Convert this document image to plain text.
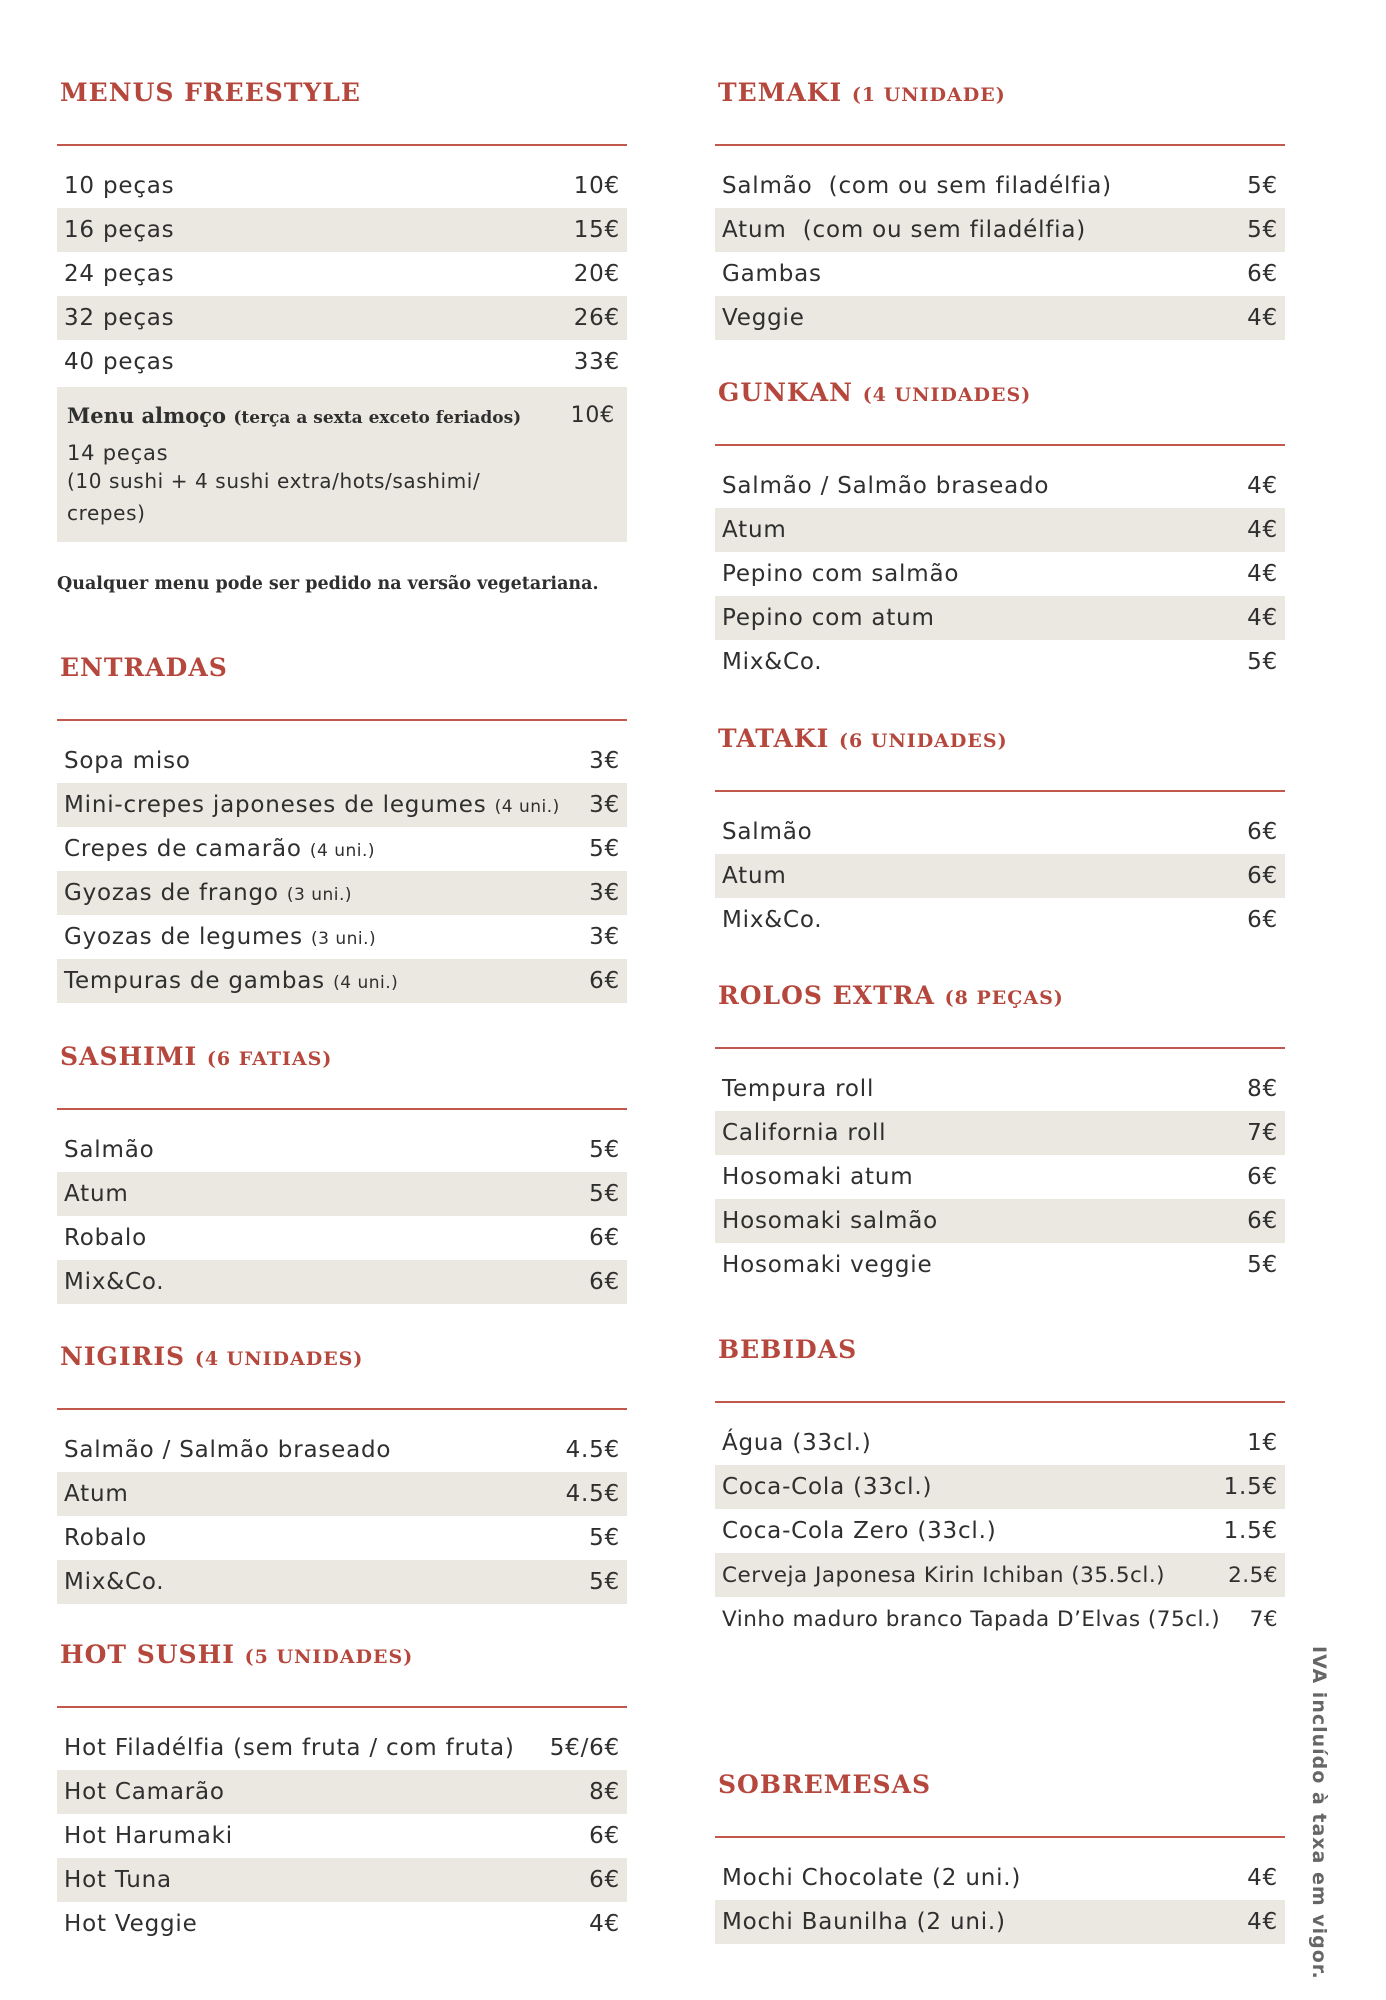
MENUS FREESTYLE
10 peças	10€
16 peças	15€
24 peças	20€
32 peças	26€
40 peças	33€
Menu almoço (terça a sexta exceto feriados) 10€
14 peças
(10 sushi + 4 sushi extra/hots/sashimi/ crepes)
Qualquer menu pode ser pedido na versão vegetariana.
ENTRADAS
Sopa miso	3€
Mini-crepes japoneses de legumes (4 uni.) 3€
Crepes de camarão (4 uni.)	5€
Gyozas de frango (3 uni.)	3€
Gyozas de legumes (3 uni.)	3€
Tempuras de gambas (4 uni.)	6€
SASHIMI (6 FATIAS)
Salmão	5€
Atum	5€
Robalo	6€
Mix&Co.	6€
NIGIRIS (4 UNIDADES)
Salmão / Salmão braseado	4.5€
Atum	4.5€
Robalo	5€
Mix&Co.	5€
HOT SUSHI (5 UNIDADES)
Hot Filadélfia (sem fruta / com fruta) 5€/6€
Hot Camarão	8€
Hot Harumaki	6€
Hot Tuna	6€
Hot Veggie	4€
TEMAKI (1 UNIDADE)
Salmão  (com ou sem filadélfia)	5€
Atum  (com ou sem filadélfia)	5€
Gambas	6€
Veggie	4€
GUNKAN (4 UNIDADES)
Salmão / Salmão braseado	4€
Atum	4€
Pepino com salmão	4€
Pepino com atum	4€
Mix&Co.	5€
TATAKI (6 UNIDADES)
Salmão	6€
Atum	6€
Mix&Co.	6€
ROLOS EXTRA (8 PEÇAS)
Tempura roll	8€
California roll	7€
Hosomaki atum	6€
Hosomaki salmão	6€
Hosomaki veggie	5€
BEBIDAS
Água (33cl.)	1€
Coca-Cola (33cl.)	1.5€
Coca-Cola Zero (33cl.)	1.5€
Cerveja Japonesa Kirin Ichiban (35.5cl.)	2.5€
Vinho maduro branco Tapada D’Elvas (75cl.) 7€
SOBREMESAS
Mochi Chocolate (2 uni.)	4€
Mochi Baunilha (2 uni.)	4€ IVA incluído à taxa em vigor.
